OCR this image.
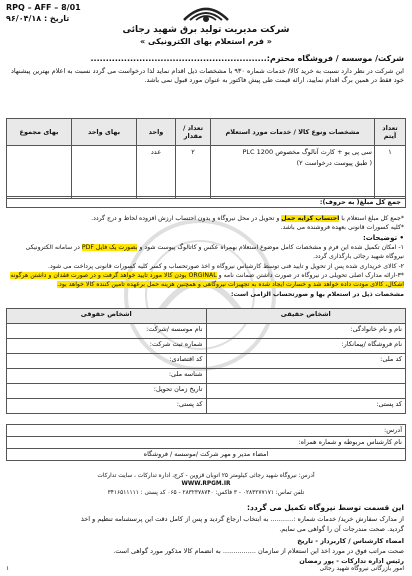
RPQ – AFF – 8/01
تاریخ : ۹۶/۰۴/۱۸
شرکت مدیریت تولید برق شهید رجائی
« فرم استعلام بهای الکترونیکی »
شرکت/ موسسه / فروشگاه محترم:..........................................................
این شرکت در نظر دارد نسبت به خرید کالا/ خدمات شماره ۹۳۰ با مشخصات ذیل اقدام نماید لذا درخواست می گردد نسبت به اعلام بهترین پیشنهاد خود فقط در همین برگ اقدام نمایید، ارائه قیمت طی پیش فاکتور به عنوان مورد قبول نمی باشد.
تعداد آیتم	مشخصات ونوع کالا / خدمات مورد استعلام	تعداد / مقدار	واحد	بهای واحد	بهای مجموع
۱	سی پی یو + کارت آنالوگ مخصوص PLC 1200
( طبق پیوست درخواست ۲)	۲	عدد		
جمع کل مبلغ( به حروف):

*جمع کل مبلغ استعلام با احتساب کرایه حمل و تحویل در محل نیروگاه و بدون احتساب ارزش افزوده لحاظ و درج گردد.

*کلیه کسورات قانونی بعهده فروشنده می باشد.

• توضیحات:

۱- امکان تکمیل شده این فرم و مشخصات کامل موضوع استعلام بهمراه عکس و کاتالوگ پیوست شود و بصورت یک فایل PDF در سامانه الکترونیکی نیروگاه شهید رجائی بارگذاری گردد.

۲- کالای خریداری شده پس از تحویل و تایید فنی توسط کارشناس نیروگاه و اخذ صورتحساب و کسر کلیه کسورات قانونی پرداخت می شود.

*۳-ارائه مدارک اصلی تحویلی در نیروگاه در صورت داشتن ضمانت نامه و ORGINAL بودن کالا مورد تایید خواهد گرفت و در صورت فقدان و داشتن هرگونه اشکال، کالای مودت داده خواهد شد و خسارت ایجاد شده به تجهیزات نیروگاهی و همچنین هزینه حمل برعهده تامین کننده کالا خواهد بود.

مشخصات ذیل در استعلام بها و صورتحساب الزامی است:

اشخاص حقیقی	اشخاص حقوقی
نام و نام خانوادگی:	نام موسسه /شرکت:
نام فروشگاه /پیمانکار:	شماره ثبت شرکت:
کد ملی:	کد اقتصادی:
	شناسه ملی:
	تاریخ زمان تحویل:
کد پستی:	کد پستی:
آدرس:
نام کارشناس مربوطه و شماره همراه:
امضاء مدیر و مهر شرکت /موسسه / فروشگاه
آدرس: نیروگاه شهید رجائی کیلومتر ۲۵ اتوبان قزوین - کرج، اداره تدارکات ، سایت تدارکات
WWW.RPGM.IR
تلفن تماس: ۰۲۸۳۲۷۷۱۷۱ - ۳ فاکس: ۲۸۳۲۳۷۸۷۴۰ - ۰۶۵ کد پستی : ۳۴۱۶۵۱۱۱۱۱
این قسمت توسط نیروگاه تکمیل می گردد:
از مدارک سفارش خرید/ خدمات شماره :........... به ابتخاب ارجاع گردید و پس از کامل دقت این پرسشنامه تنظیم و اخذ
گردید. صحت مندرجات آن را گواهی می نمایم.
امضاء کارشناس / کاربرداز - تاریخ
صحت مراتب فوق در مورد اخذ این استعلام از سازمان ................ به انضمام کالا مذکور مورد گواهی است.
رئیس اداره تدارکات - پور رمضان
۱	امور بازرگانی نیروگاه شهید رجائی
